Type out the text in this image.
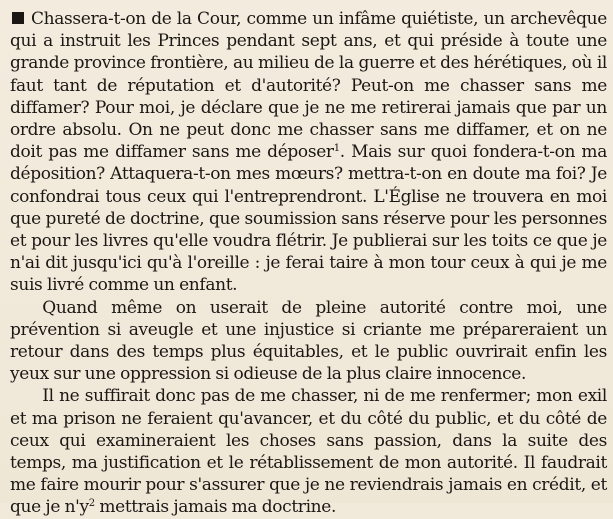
Chassera-t-on de la Cour, comme un infâme quiétiste, un archevêque qui a instruit les Princes pendant sept ans, et qui préside à toute une grande province frontière, au milieu de la guerre et des hérétiques, où il faut tant de réputation et d'autorité? Peut-on me chasser sans me diffamer? Pour moi, je déclare que je ne me retirerai jamais que par un ordre absolu. On ne peut donc me chasser sans me diffamer, et on ne doit pas me diffamer sans me déposer$^1$. Mais sur quoi fondera-t-on ma déposition? Attaquera-t-on mes mœurs? mettra-t-on en doute ma foi? Je confondrai tous ceux qui l'entreprendront. L'Église ne trouvera en moi que pureté de doctrine, que soumission sans réserve pour les personnes et pour les livres qu'elle voudra flétrir. Je publierai sur les toits ce que je n'ai dit jusqu'ici qu'à l'oreille : je ferai taire à mon tour ceux à qui je me suis livré comme un enfant.

Quand même on userait de pleine autorité contre moi, une prévention si aveugle et une injustice si criante me prépareraient un retour dans des temps plus équitables, et le public ouvrirait enfin les yeux sur une oppression si odieuse de la plus claire innocence.

Il ne suffirait donc pas de me chasser, ni de me renfermer; mon exil et ma prison ne feraient qu'avancer, et du côté du public, et du côté de ceux qui examineraient les choses sans passion, dans la suite des temps, ma justification et le rétablissement de mon autorité. Il faudrait me faire mourir pour s'assurer que je ne reviendrais jamais en crédit, et que je $n'y^2$ mettrais jamais ma doctrine.
